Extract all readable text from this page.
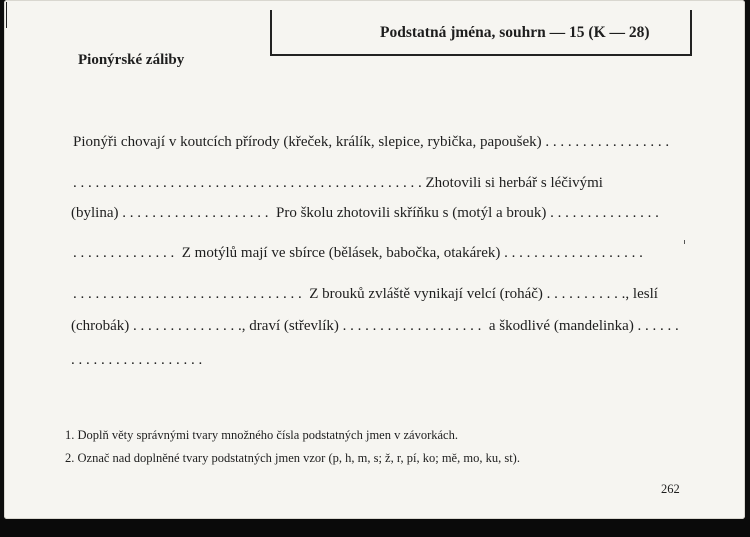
Podstatná jména, souhrn — 15 (K — 28)
Pionýrské záliby
Pionýři chovají v koutcích přírody (křeček, králík, slepice, rybička, papoušek) . . . . . . . . . . . . . . . . .
. . . . . . . . . . . . . . . . . . . . . . . . . . . . . . . . . . . . . . . . . . . . . . . Zhotovili si herbář s léčivými
(bylina) . . . . . . . . . . . . . . . . . . . .  Pro školu zhotovili skříňku s (motýl a brouk) . . . . . . . . . . . . . . .
. . . . . . . . . . . . . .  Z motýlů mají ve sbírce (bělásek, babočka, otakárek) . . . . . . . . . . . . . . . . . . .
. . . . . . . . . . . . . . . . . . . . . . . . . . . . . . .  Z brouků zvláště vynikají velcí (roháč) . . . . . . . . . . ., leslí
(chrobák) . . . . . . . . . . . . . . ., draví (střevlík) . . . . . . . . . . . . . . . . . . .  a škodlivé (mandelinka) . . . . . .
. . . . . . . . . . . . . . . . . .
1. Doplň věty správnými tvary množného čísla podstatných jmen v závorkách.
2. Označ nad doplněné tvary podstatných jmen vzor (p, h, m, s; ž, r, pí, ko; mě, mo, ku, st).
262
